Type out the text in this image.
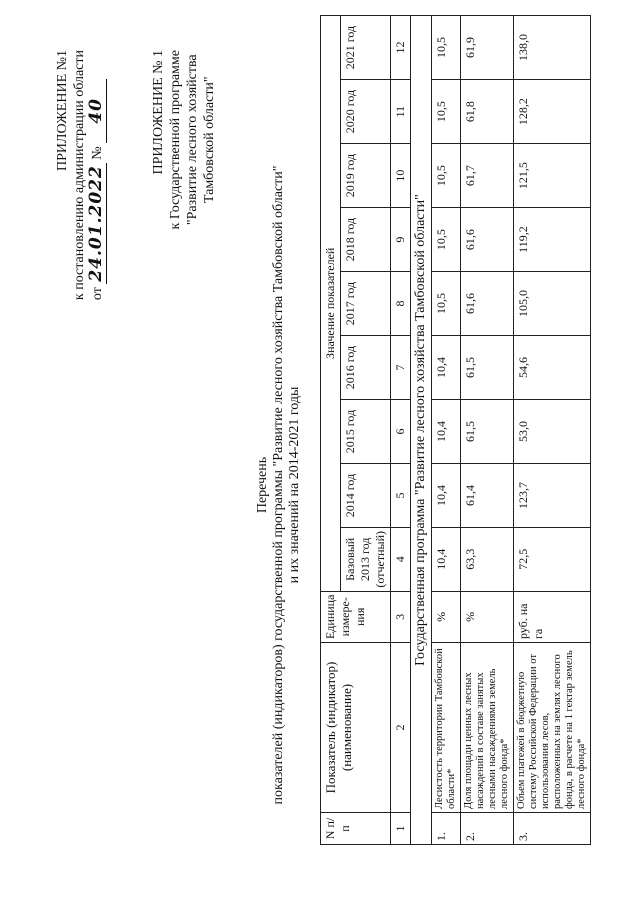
ПРИЛОЖЕНИЕ №1 к постановлению администрации области от 24.01.2022 № 40	ПРИЛОЖЕНИЕ № 1 к Государственной программе "Развитие лесного хозяйства Тамбовской области"
Перечень показателей (индикаторов) государственной программы "Развитие лесного хозяйства Тамбовской области" и их значений на 2014-2021 годы
N п/п	Показатель (индикатор) (наименование)	Единица измере-ния	Значение показателей								
			Базовый 2013 год (отчетный)	2014 год	2015 год	2016 год	2017 год	2018 год	2019 год	2020 год	2021 год
1	2	3	4	5	6	7	8	9	10	11	12
Государственная программа "Развитие лесного хозяйства Тамбовской области"											
1.	Лесистость территории Тамбовской области*	%	10,4	10,4	10,4	10,4	10,5	10,5	10,5	10,5	10,5
2.	Доля площади ценных лесных насаждений в составе занятых лесными насаждениями земель лесного фонда*	%	63,3	61,4	61,5	61,5	61,6	61,6	61,7	61,8	61,9
3.	Объем платежей в бюджетную систему Российской Федерации от использования лесов, расположенных на землях лесного фонда, в расчете на 1 гектар земель лесного фонда*	руб. на га	72,5	123,7	53,0	54,6	105,0	119,2	121,5	128,2	138,0
